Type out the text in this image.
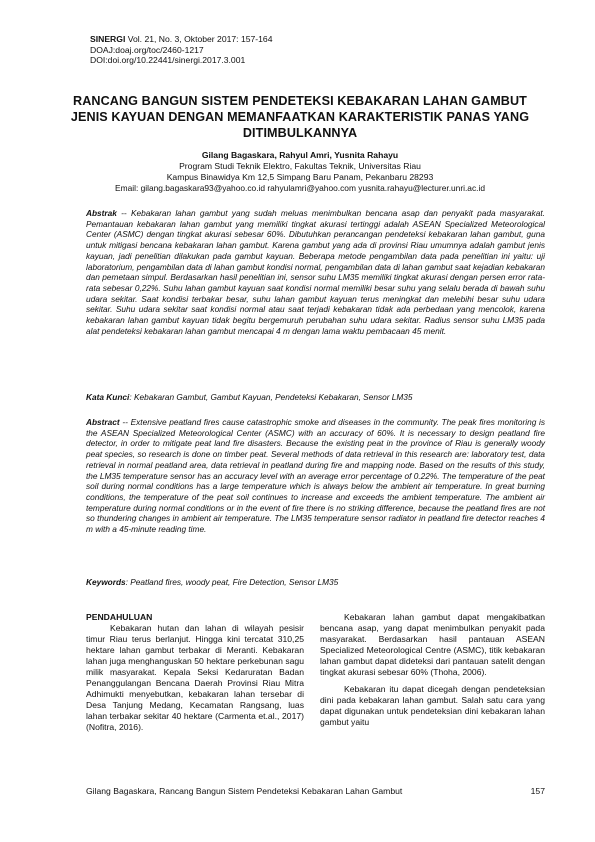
SINERGI Vol. 21, No. 3, Oktober 2017: 157-164
DOAJ:doaj.org/toc/2460-1217
DOI:doi.org/10.22441/sinergi.2017.3.001
RANCANG BANGUN SISTEM PENDETEKSI KEBAKARAN LAHAN GAMBUT JENIS KAYUAN DENGAN MEMANFAATKAN KARAKTERISTIK PANAS YANG DITIMBULKANNYA
Gilang Bagaskara, Rahyul Amri, Yusnita Rahayu
Program Studi Teknik Elektro, Fakultas Teknik, Universitas Riau
Kampus Binawidya Km 12,5 Simpang Baru Panam, Pekanbaru 28293
Email: gilang.bagaskara93@yahoo.co.id rahyulamri@yahoo.com yusnita.rahayu@lecturer.unri.ac.id
Abstrak -- Kebakaran lahan gambut yang sudah meluas menimbulkan bencana asap dan penyakit pada masyarakat. Pemantauan kebakaran lahan gambut yang memiliki tingkat akurasi tertinggi adalah ASEAN Specialized Meteorological Center (ASMC) dengan tingkat akurasi sebesar 60%. Dibutuhkan perancangan pendeteksi kebakaran lahan gambut, guna untuk mitigasi bencana kebakaran lahan gambut. Karena gambut yang ada di provinsi Riau umumnya adalah gambut jenis kayuan, jadi penelitian dilakukan pada gambut kayuan. Beberapa metode pengambilan data pada penelitian ini yaitu: uji laboratorium, pengambilan data di lahan gambut kondisi normal, pengambilan data di lahan gambut saat kejadian kebakaran dan pemetaan simpul. Berdasarkan hasil penelitian ini, sensor suhu LM35 memiliki tingkat akurasi dengan persen error rata-rata sebesar 0,22%. Suhu lahan gambut kayuan saat kondisi normal memiliki besar suhu yang selalu berada di bawah suhu udara sekitar. Saat kondisi terbakar besar, suhu lahan gambut kayuan terus meningkat dan melebihi besar suhu udara sekitar. Suhu udara sekitar saat kondisi normal atau saat terjadi kebakaran tidak ada perbedaan yang mencolok, karena kebakaran lahan gambut kayuan tidak begitu bergemuruh perubahan suhu udara sekitar. Radius sensor suhu LM35 pada alat pendeteksi kebakaran lahan gambut mencapai 4 m dengan lama waktu pembacaan 45 menit.
Kata Kunci: Kebakaran Gambut, Gambut Kayuan, Pendeteksi Kebakaran, Sensor LM35
Abstract -- Extensive peatland fires cause catastrophic smoke and diseases in the community. The peak fires monitoring is the ASEAN Specialized Meteorological Center (ASMC) with an accuracy of 60%. It is necessary to design peatland fire detector, in order to mitigate peat land fire disasters. Because the existing peat in the province of Riau is generally woody peat species, so research is done on timber peat. Several methods of data retrieval in this research are: laboratory test, data retrieval in normal peatland area, data retrieval in peatland during fire and mapping node. Based on the results of this study, the LM35 temperature sensor has an accuracy level with an average error percentage of 0.22%. The temperature of the peat soil during normal conditions has a large temperature which is always below the ambient air temperature. In great burning conditions, the temperature of the peat soil continues to increase and exceeds the ambient temperature. The ambient air temperature during normal conditions or in the event of fire there is no striking difference, because the peatland fires are not so thundering changes in ambient air temperature. The LM35 temperature sensor radiator in peatland fire detector reaches 4 m with a 45-minute reading time.
Keywords: Peatland fires, woody peat, Fire Detection, Sensor LM35
PENDAHULUAN

Kebakaran hutan dan lahan di wilayah pesisir timur Riau terus berlanjut. Hingga kini tercatat 310,25 hektare lahan gambut terbakar di Meranti. Kebakaran lahan juga menghanguskan 50 hektare perkebunan sagu milik masyarakat. Kepala Seksi Kedaruratan Badan Penanggulangan Bencana Daerah Provinsi Riau Mitra Adhimukti menyebutkan, kebakaran lahan tersebar di Desa Tanjung Medang, Kecamatan Rangsang, luas lahan terbakar sekitar 40 hektare (Carmenta et.al., 2017) (Nofitra, 2016).

Kebakaran lahan gambut dapat mengakibatkan bencana asap, yang dapat menimbulkan penyakit pada masyarakat. Berdasarkan hasil pantauan ASEAN Specialized Meteorological Centre (ASMC), titik kebakaran lahan gambut dapat dideteksi dari pantauan satelit dengan tingkat akurasi sebesar 60% (Thoha, 2006).

Kebakaran itu dapat dicegah dengan pendeteksian dini pada kebakaran lahan gambut. Salah satu cara yang dapat digunakan untuk pendeteksian dini kebakaran lahan gambut yaitu

Gilang Bagaskara, Rancang Bangun Sistem Pendeteksi Kebakaran Lahan Gambut	157
